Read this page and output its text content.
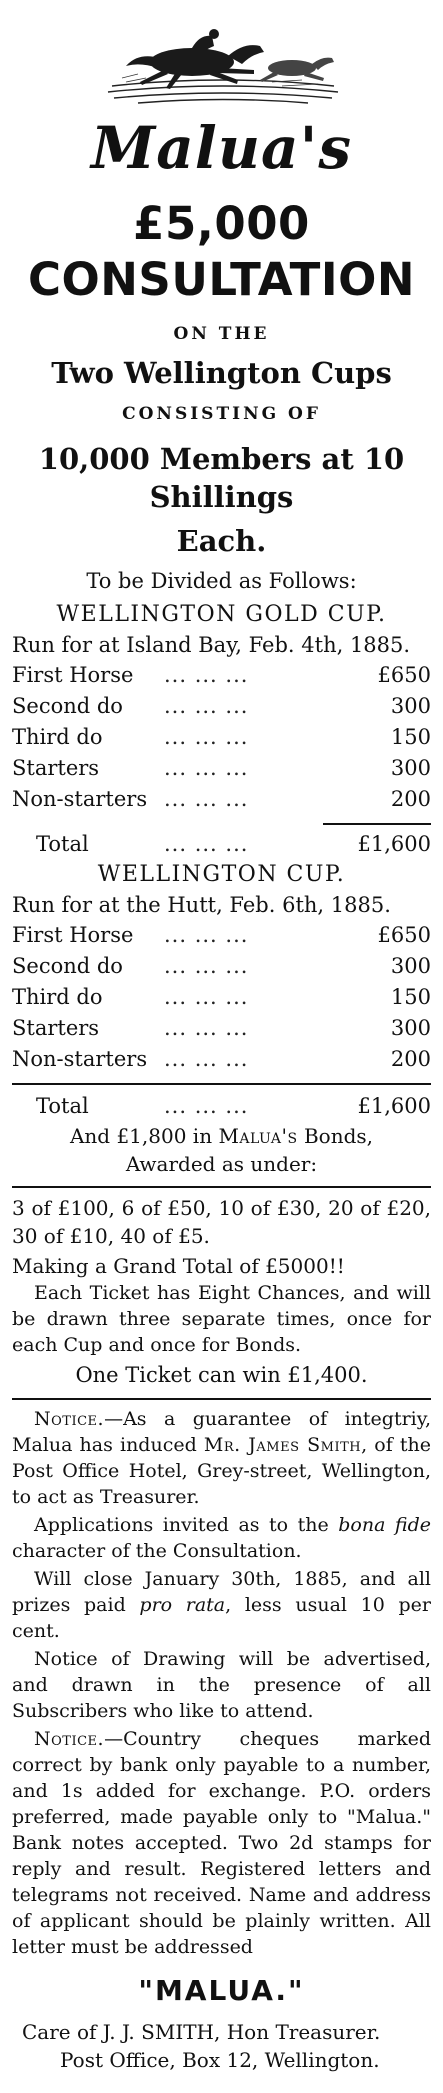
Malua's
£5,000 CONSULTATION
ON THE
Two Wellington Cups
CONSISTING OF
10,000 Members at 10 Shillings
Each.
To be Divided as Follows:
WELLINGTON GOLD CUP.
Run for at Island Bay, Feb. 4th, 1885.
First Horse	... ... ...	£650
Second do	... ... ...	300
Third do	... ... ...	150
Starters	... ... ...	300
Non-starters ... ... ...	200
Total	... ... ...	£1,600
WELLINGTON CUP.
Run for at the Hutt, Feb. 6th, 1885.
First Horse	... ... ...	£650
Second do	... ... ...	300
Third do	... ... ...	150
Starters	... ... ...	300
Non-starters ... ... ...	200
Total	... ... ...	£1,600
And £1,800 in Malua's Bonds,
Awarded as under:

3 of £100, 6 of £50, 10 of £30, 20 of £20, 30 of £10, 40 of £5.

Making a Grand Total of £5000!!

Each Ticket has Eight Chances, and will be drawn three separate times, once for each Cup and once for Bonds.

One Ticket can win £1,400.

Notice.—As a guarantee of integtriy, Malua has induced Mr. James Smith, of the Post Office Hotel, Grey-street, Wellington, to act as Treasurer.

Applications invited as to the bona fide character of the Consultation.

Will close January 30th, 1885, and all prizes paid pro rata, less usual 10 per cent.

Notice of Drawing will be advertised, and drawn in the presence of all Subscribers who like to attend.

Notice.—Country cheques marked correct by bank only payable to a number, and 1s added for exchange. P.O. orders preferred, made payable only to "Malua." Bank notes accepted. Two 2d stamps for reply and result. Registered letters and telegrams not received. Name and address of applicant should be plainly written. All letter must be addressed

"MALUA."
Care of J. J. SMITH, Hon Treasurer.
Post Office, Box 12, Wellington.
